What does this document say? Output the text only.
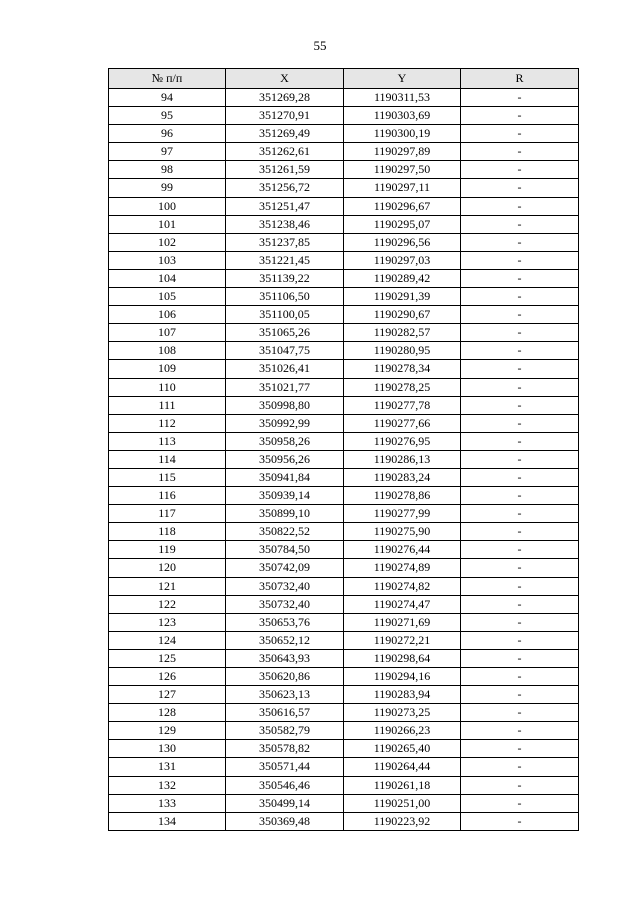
55
№ п/п	X	Y	R
94	351269,28	1190311,53	-
95	351270,91	1190303,69	-
96	351269,49	1190300,19	-
97	351262,61	1190297,89	-
98	351261,59	1190297,50	-
99	351256,72	1190297,11	-
100	351251,47	1190296,67	-
101	351238,46	1190295,07	-
102	351237,85	1190296,56	-
103	351221,45	1190297,03	-
104	351139,22	1190289,42	-
105	351106,50	1190291,39	-
106	351100,05	1190290,67	-
107	351065,26	1190282,57	-
108	351047,75	1190280,95	-
109	351026,41	1190278,34	-
110	351021,77	1190278,25	-
111	350998,80	1190277,78	-
112	350992,99	1190277,66	-
113	350958,26	1190276,95	-
114	350956,26	1190286,13	-
115	350941,84	1190283,24	-
116	350939,14	1190278,86	-
117	350899,10	1190277,99	-
118	350822,52	1190275,90	-
119	350784,50	1190276,44	-
120	350742,09	1190274,89	-
121	350732,40	1190274,82	-
122	350732,40	1190274,47	-
123	350653,76	1190271,69	-
124	350652,12	1190272,21	-
125	350643,93	1190298,64	-
126	350620,86	1190294,16	-
127	350623,13	1190283,94	-
128	350616,57	1190273,25	-
129	350582,79	1190266,23	-
130	350578,82	1190265,40	-
131	350571,44	1190264,44	-
132	350546,46	1190261,18	-
133	350499,14	1190251,00	-
134	350369,48	1190223,92	-
